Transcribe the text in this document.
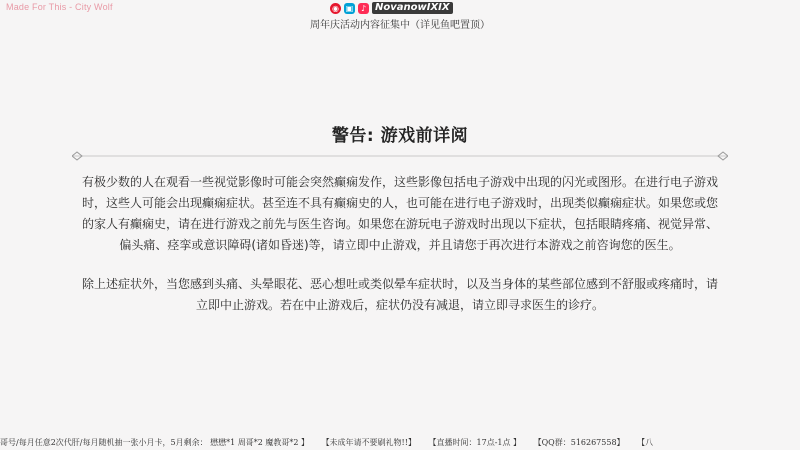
Made For This - City Wolf	◉ ▣ ♪ NovanowIXIX
周年庆活动内容征集中（详见鱼吧置顶）
警告: 游戏前详阅

有极少数的人在观看一些视觉影像时可能会突然癫痫发作，这些影像包括电子游戏中出现的闪光或图形。在进行电子游戏时，这些人可能会出现癫痫症状。甚至连不具有癫痫史的人，也可能在进行电子游戏时，出现类似癫痫症状。如果您或您的家人有癫痫史，请在进行游戏之前先与医生咨询。如果您在游玩电子游戏时出现以下症状，包括眼睛疼痛、视觉异常、偏头痛、痉挛或意识障碍(诸如昏迷)等，请立即中止游戏，并且请您于再次进行本游戏之前咨询您的医生。

除上述症状外，当您感到头痛、头晕眼花、恶心想吐或类似晕车症状时，以及当身体的某些部位感到不舒服或疼痛时，请立即中止游戏。若在中止游戏后，症状仍没有减退，请立即寻求医生的诊疗。

哥号/每月任意2次代肝/每月随机抽一张小月卡，5月剩余： 懋懋*1 周哥*2 魔教哥*2 】 【未成年请不要刷礼物!!】 【直播时间：17点-1点 】 【QQ群：516267558】 【八
